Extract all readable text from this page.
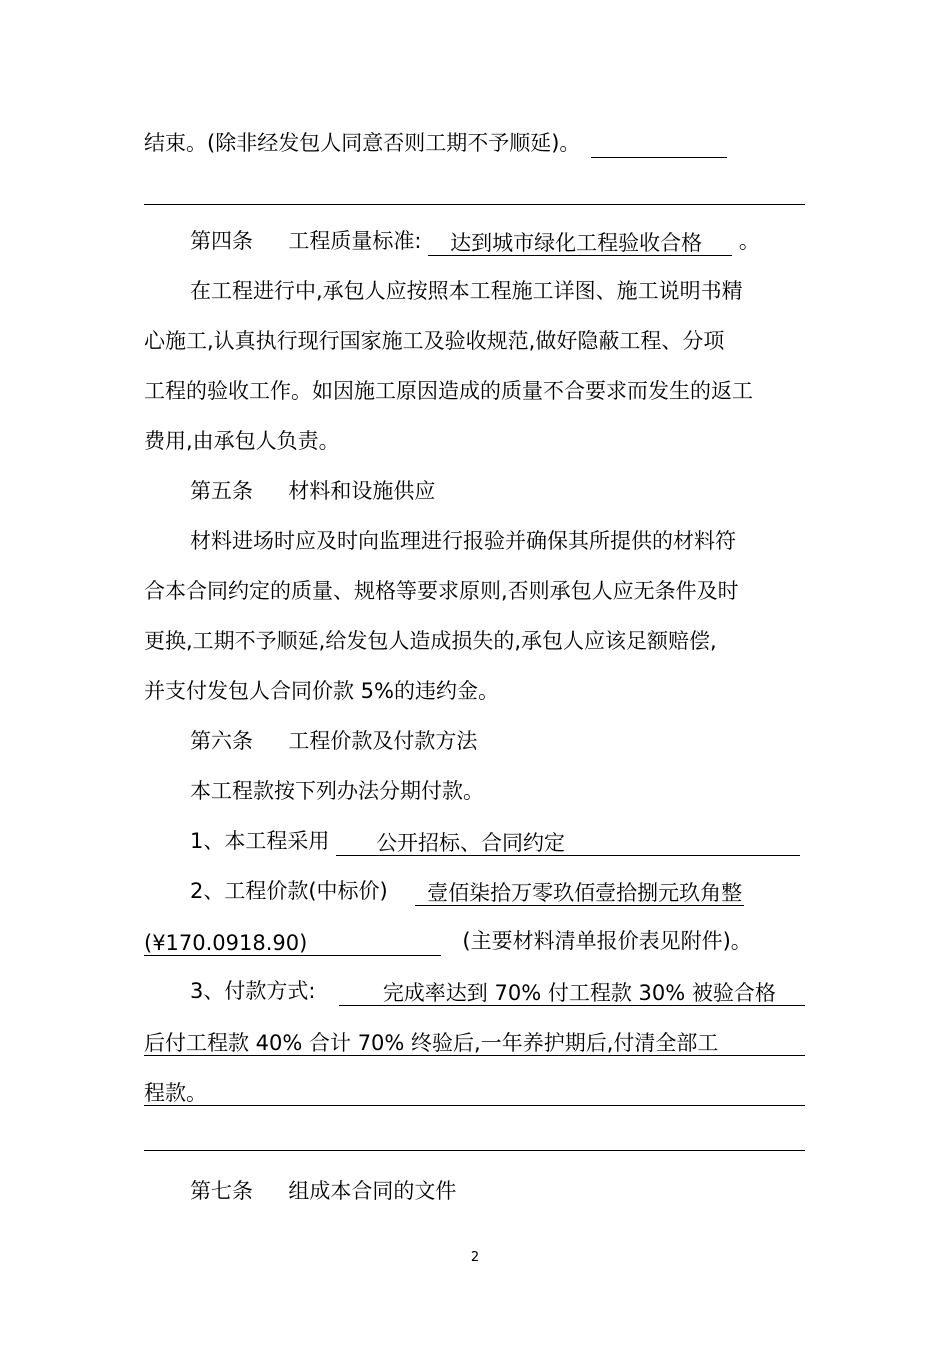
结束。(除非经发包人同意否则工期不予顺延)。
第四条 工程质量标准: 达到城市绿化工程验收合格 。
在工程进行中,承包人应按照本工程施工详图、施工说明书精
心施工,认真执行现行国家施工及验收规范,做好隐蔽工程、分项
工程的验收工作。如因施工原因造成的质量不合要求而发生的返工
费用,由承包人负责。
第五条 材料和设施供应
材料进场时应及时向监理进行报验并确保其所提供的材料符
合本合同约定的质量、规格等要求原则,否则承包人应无条件及时
更换,工期不予顺延,给发包人造成损失的,承包人应该足额赔偿,
并支付发包人合同价款 5%的违约金。
第六条 工程价款及付款方法
本工程款按下列办法分期付款。
1、本工程采用 公开招标、合同约定
2、工程价款(中标价) 壹佰柒拾万零玖佰壹拾捌元玖角整
(¥170.0918.90)	(主要材料清单报价表见附件)。
3、付款方式:	完成率达到 70% 付工程款 30% 被验合格
后付工程款 40% 合计 70% 终验后,一年养护期后,付清全部工
程款。
第七条 组成本合同的文件
2
